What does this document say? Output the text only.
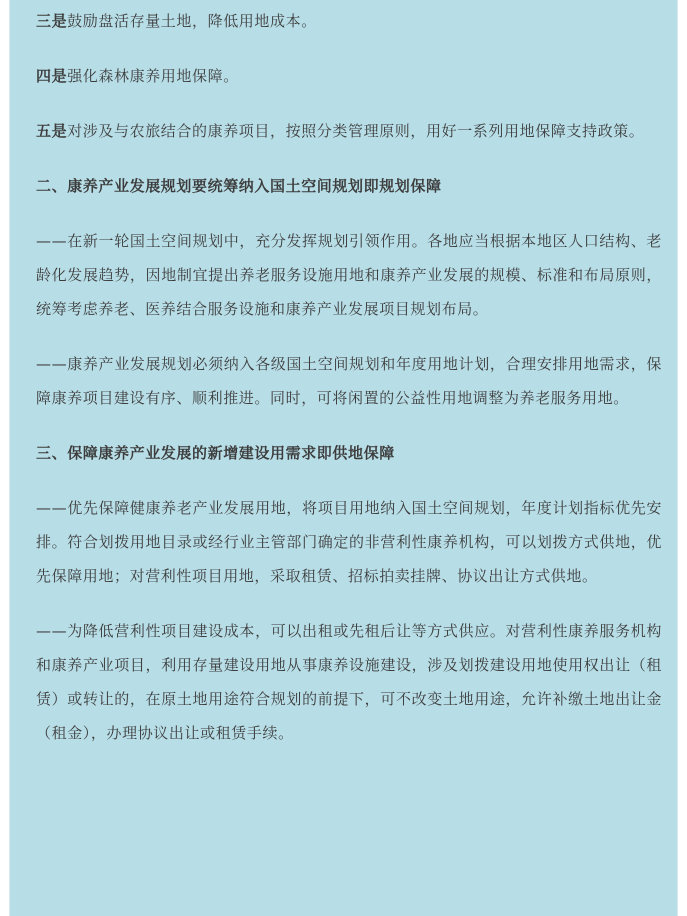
三是鼓励盘活存量土地，降低用地成本。

四是强化森林康养用地保障。

五是对涉及与农旅结合的康养项目，按照分类管理原则，用好一系列用地保障支持政策。

二、康养产业发展规划要统筹纳入国土空间规划即规划保障

——在新一轮国土空间规划中，充分发挥规划引领作用。各地应当根据本地区人口结构、老龄化发展趋势，因地制宜提出养老服务设施用地和康养产业发展的规模、标准和布局原则，统筹考虑养老、医养结合服务设施和康养产业发展项目规划布局。

——康养产业发展规划必须纳入各级国土空间规划和年度用地计划，合理安排用地需求，保障康养项目建设有序、顺利推进。同时，可将闲置的公益性用地调整为养老服务用地。

三、保障康养产业发展的新增建设用需求即供地保障

——优先保障健康养老产业发展用地，将项目用地纳入国土空间规划，年度计划指标优先安排。符合划拨用地目录或经行业主管部门确定的非营利性康养机构，可以划拨方式供地，优先保障用地；对营利性项目用地，采取租赁、招标拍卖挂牌、协议出让方式供地。

——为降低营利性项目建设成本，可以出租或先租后让等方式供应。对营利性康养服务机构和康养产业项目，利用存量建设用地从事康养设施建设，涉及划拨建设用地使用权出让（租赁）或转让的，在原土地用途符合规划的前提下，可不改变土地用途，允许补缴土地出让金（租金），办理协议出让或租赁手续。
